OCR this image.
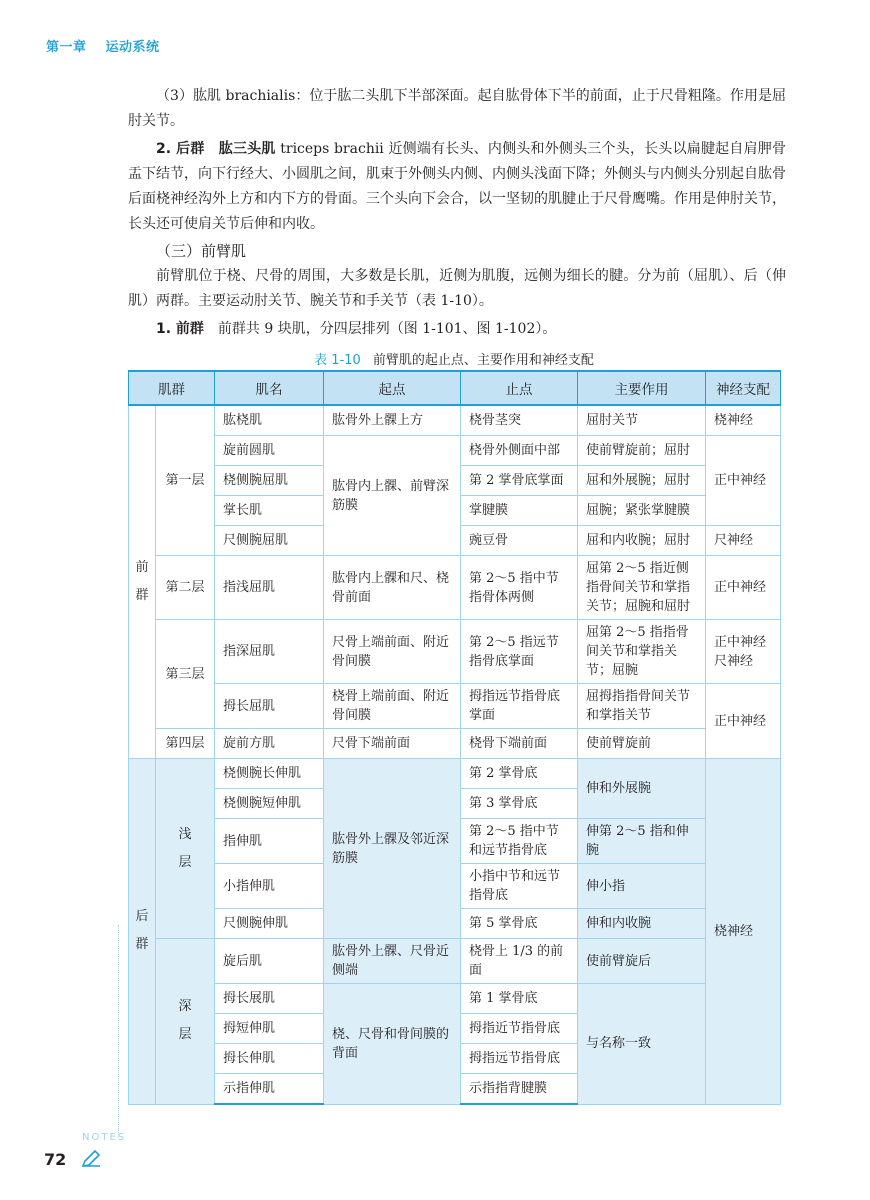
第一章 运动系统

（3）肱肌 brachialis：位于肱二头肌下半部深面。起自肱骨体下半的前面，止于尺骨粗隆。作用是屈肘关节。

2. 后群　肱三头肌 triceps brachii 近侧端有长头、内侧头和外侧头三个头，长头以扁腱起自肩胛骨盂下结节，向下行经大、小圆肌之间，肌束于外侧头内侧、内侧头浅面下降；外侧头与内侧头分别起自肱骨后面桡神经沟外上方和内下方的骨面。三个头向下会合，以一坚韧的肌腱止于尺骨鹰嘴。作用是伸肘关节，长头还可使肩关节后伸和内收。

（三）前臂肌

前臂肌位于桡、尺骨的周围，大多数是长肌，近侧为肌腹，远侧为细长的腱。分为前（屈肌）、后（伸肌）两群。主要运动肘关节、腕关节和手关节（表 1-10）。

1. 前群　前群共 9 块肌，分四层排列（图 1-101、图 1-102）。

表 1-10 前臂肌的起止点、主要作用和神经支配
肌群		肌名	起点	止点	主要作用	神经支配
前群	第一层	肱桡肌	肱骨外上髁上方	桡骨茎突	屈肘关节	桡神经
		旋前圆肌	肱骨内上髁、前臂深筋膜	桡骨外侧面中部	使前臂旋前；屈肘	正中神经
		桡侧腕屈肌		第 2 掌骨底掌面	屈和外展腕；屈肘	
		掌长肌		掌腱膜	屈腕；紧张掌腱膜	
		尺侧腕屈肌		豌豆骨	屈和内收腕；屈肘	尺神经
	第二层	指浅屈肌	肱骨内上髁和尺、桡骨前面	第 2～5 指中节指骨体两侧	屈第 2～5 指近侧指骨间关节和掌指关节；屈腕和屈肘	正中神经
	第三层	指深屈肌	尺骨上端前面、附近骨间膜	第 2～5 指远节指骨底掌面	屈第 2～5 指指骨间关节和掌指关节；屈腕	正中神经 尺神经
		拇长屈肌	桡骨上端前面、附近骨间膜	拇指远节指骨底掌面	屈拇指指骨间关节和掌指关节	正中神经
	第四层	旋前方肌	尺骨下端前面	桡骨下端前面	使前臂旋前	
后群	浅层	桡侧腕长伸肌	肱骨外上髁及邻近深筋膜	第 2 掌骨底	伸和外展腕	桡神经
		桡侧腕短伸肌		第 3 掌骨底		
		指伸肌		第 2～5 指中节和远节指骨底	伸第 2～5 指和伸腕	
		小指伸肌		小指中节和远节指骨底	伸小指	
		尺侧腕伸肌		第 5 掌骨底	伸和内收腕	
	深层	旋后肌	肱骨外上髁、尺骨近侧端	桡骨上 1/3 的前面	使前臂旋后	
		拇长展肌	桡、尺骨和骨间膜的背面	第 1 掌骨底	与名称一致	
		拇短伸肌		拇指近节指骨底		
		拇长伸肌		拇指远节指骨底		
		示指伸肌		示指指背腱膜		
NOTES
72
